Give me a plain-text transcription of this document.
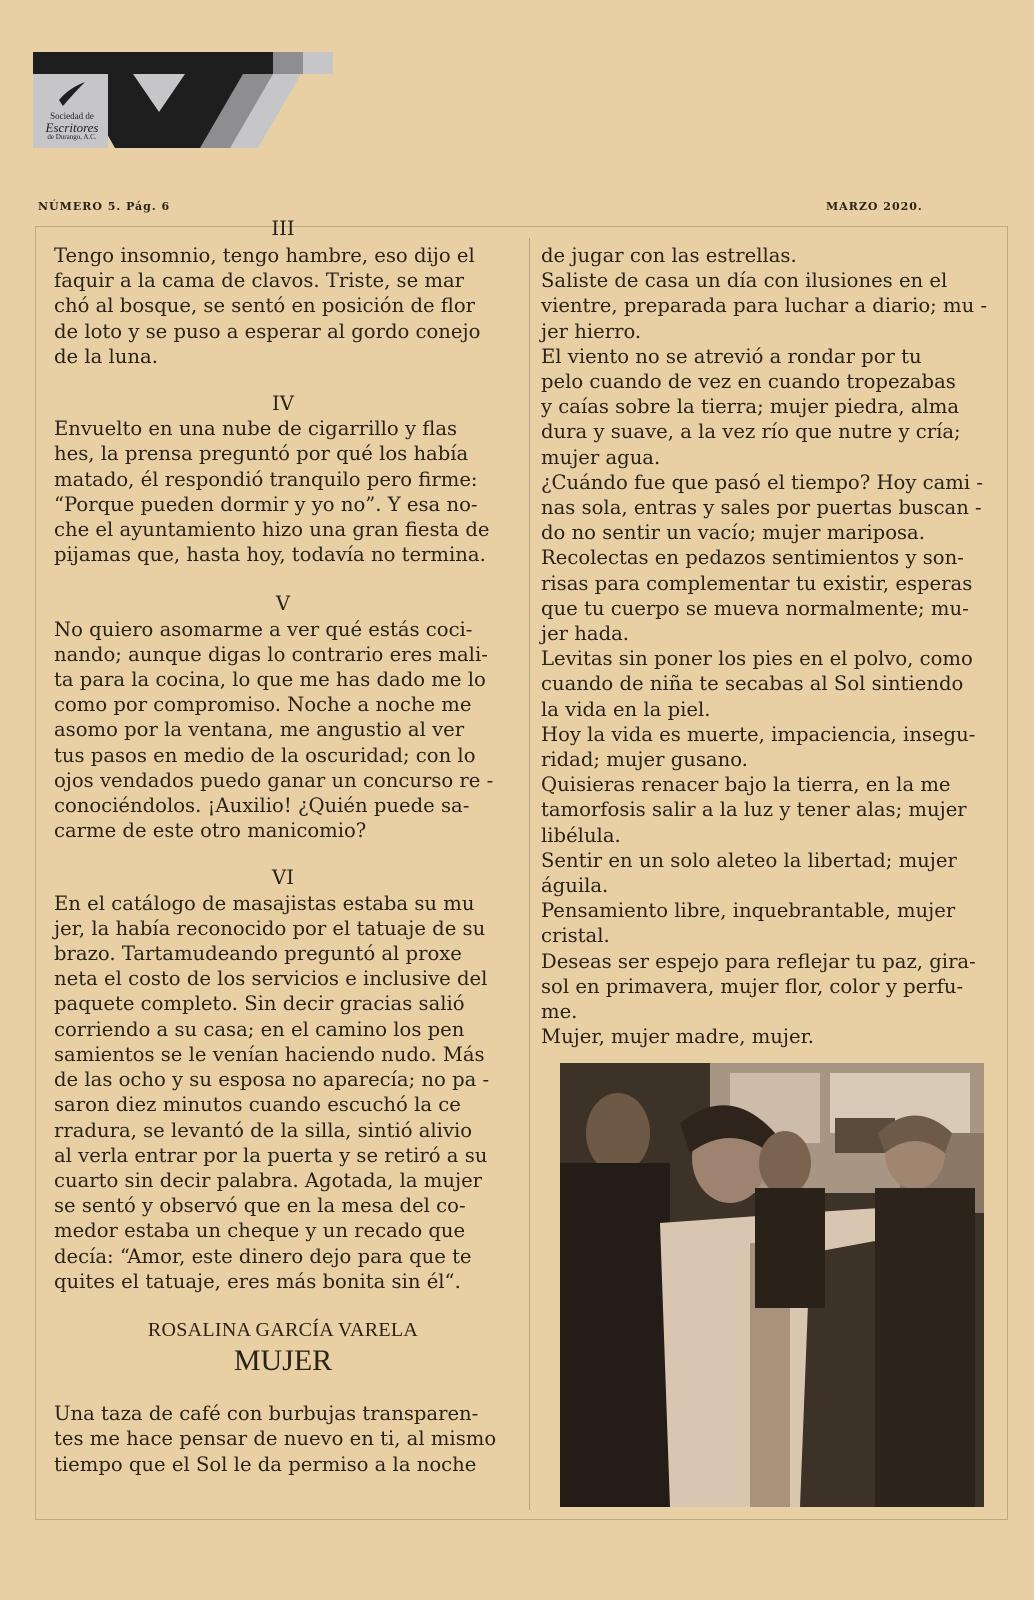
Sociedad de
Escritores
de Durango, A.C.
NÚMERO 5. Pág. 6	MARZO 2020.
III

Tengo insomnio, tengo hambre, eso dijo el

faquir a la cama de clavos. Triste, se mar

chó al bosque, se sentó en posición de flor

de loto y se puso a esperar al gordo conejo

de la luna.

IV

Envuelto en una nube de cigarrillo y flas

hes, la prensa preguntó por qué los había

matado, él respondió tranquilo pero firme:

“Porque pueden dormir y yo no”. Y esa no-

che el ayuntamiento hizo una gran fiesta de

pijamas que, hasta hoy, todavía no termina.

V

No quiero asomarme a ver qué estás coci-

nando; aunque digas lo contrario eres mali-

ta para la cocina, lo que me has dado me lo

como por compromiso. Noche a noche me

asomo por la ventana, me angustio al ver

tus pasos en medio de la oscuridad; con lo

ojos vendados puedo ganar un concurso re -

conociéndolos. ¡Auxilio! ¿Quién puede sa-

carme de este otro manicomio?

VI

En el catálogo de masajistas estaba su mu

jer, la había reconocido por el tatuaje de su

brazo. Tartamudeando preguntó al proxe

neta el costo de los servicios e inclusive del

paquete completo. Sin decir gracias salió

corriendo a su casa; en el camino los pen

samientos se le venían haciendo nudo. Más

de las ocho y su esposa no aparecía; no pa -

saron diez minutos cuando escuchó la ce

rradura, se levantó de la silla, sintió alivio

al verla entrar por la puerta y se retiró a su

cuarto sin decir palabra. Agotada, la mujer

se sentó y observó que en la mesa del co-

medor estaba un cheque y un recado que

decía: “Amor, este dinero dejo para que te

quites el tatuaje, eres más bonita sin él“.

ROSALINA GARCÍA VARELA

MUJER

Una taza de café con burbujas transparen-

tes me hace pensar de nuevo en ti, al mismo

tiempo que el Sol le da permiso a la noche

de jugar con las estrellas.

Saliste de casa un día con ilusiones en el

vientre, preparada para luchar a diario; mu -

jer hierro.

El viento no se atrevió a rondar por tu

pelo cuando de vez en cuando tropezabas

y caías sobre la tierra; mujer piedra, alma

dura y suave, a la vez río que nutre y cría;

mujer agua.

¿Cuándo fue que pasó el tiempo? Hoy cami -

nas sola, entras y sales por puertas buscan -

do no sentir un vacío; mujer mariposa.

Recolectas en pedazos sentimientos y son-

risas para complementar tu existir, esperas

que tu cuerpo se mueva normalmente; mu-

jer hada.

Levitas sin poner los pies en el polvo, como

cuando de niña te secabas al Sol sintiendo

la vida en la piel.

Hoy la vida es muerte, impaciencia, insegu-

ridad; mujer gusano.

Quisieras renacer bajo la tierra, en la me

tamorfosis salir a la luz y tener alas; mujer

libélula.

Sentir en un solo aleteo la libertad; mujer

águila.

Pensamiento libre, inquebrantable, mujer

cristal.

Deseas ser espejo para reflejar tu paz, gira-

sol en primavera, mujer flor, color y perfu-

me.

Mujer, mujer madre, mujer.
